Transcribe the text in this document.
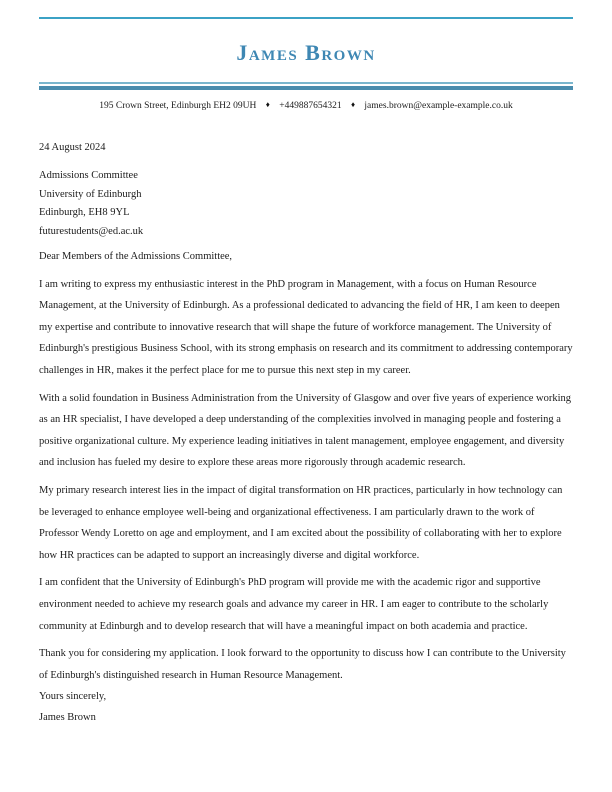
James Brown
195 Crown Street, Edinburgh EH2 09UH ♦ +449887654321 ♦ james.brown@example-example.co.uk
24 August 2024
Admissions Committee
University of Edinburgh
Edinburgh, EH8 9YL
futurestudents@ed.ac.uk

Dear Members of the Admissions Committee,

I am writing to express my enthusiastic interest in the PhD program in Management, with a focus on Human Resource Management, at the University of Edinburgh. As a professional dedicated to advancing the field of HR, I am keen to deepen my expertise and contribute to innovative research that will shape the future of workforce management. The University of Edinburgh's prestigious Business School, with its strong emphasis on research and its commitment to addressing contemporary challenges in HR, makes it the perfect place for me to pursue this next step in my career.

With a solid foundation in Business Administration from the University of Glasgow and over five years of experience working as an HR specialist, I have developed a deep understanding of the complexities involved in managing people and fostering a positive organizational culture. My experience leading initiatives in talent management, employee engagement, and diversity and inclusion has fueled my desire to explore these areas more rigorously through academic research.

My primary research interest lies in the impact of digital transformation on HR practices, particularly in how technology can be leveraged to enhance employee well-being and organizational effectiveness. I am particularly drawn to the work of Professor Wendy Loretto on age and employment, and I am excited about the possibility of collaborating with her to explore how HR practices can be adapted to support an increasingly diverse and digital workforce.

I am confident that the University of Edinburgh's PhD program will provide me with the academic rigor and supportive environment needed to achieve my research goals and advance my career in HR. I am eager to contribute to the scholarly community at Edinburgh and to develop research that will have a meaningful impact on both academia and practice.

Thank you for considering my application. I look forward to the opportunity to discuss how I can contribute to the University of Edinburgh's distinguished research in Human Resource Management.

Yours sincerely,

James Brown
